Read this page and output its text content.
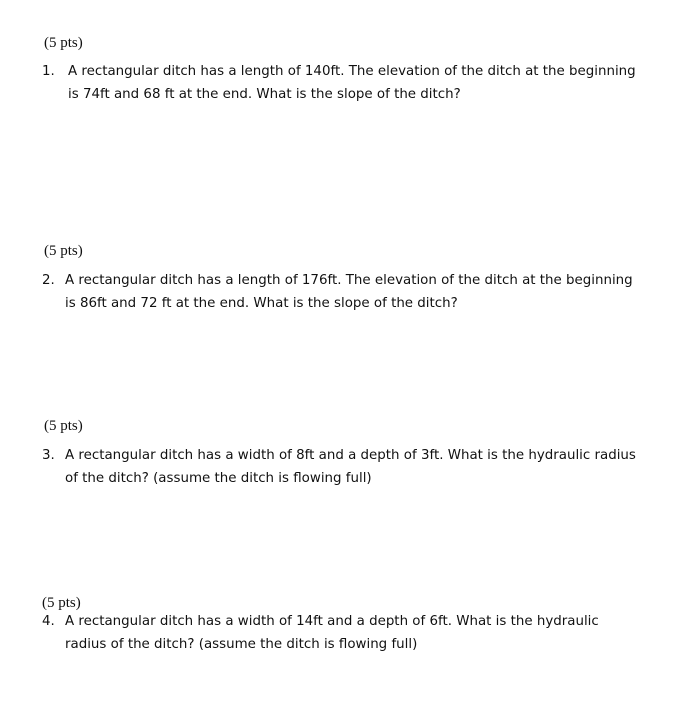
(5 pts)
1. A rectangular ditch has a length of 140ft. The elevation of the ditch at the beginning is 74ft and 68 ft at the end. What is the slope of the ditch?
(5 pts)
2. A rectangular ditch has a length of 176ft. The elevation of the ditch at the beginning is 86ft and 72 ft at the end. What is the slope of the ditch?
(5 pts)
3. A rectangular ditch has a width of 8ft and a depth of 3ft. What is the hydraulic radius of the ditch? (assume the ditch is flowing full)
(5 pts)
4. A rectangular ditch has a width of 14ft and a depth of 6ft. What is the hydraulic radius of the ditch? (assume the ditch is flowing full)
